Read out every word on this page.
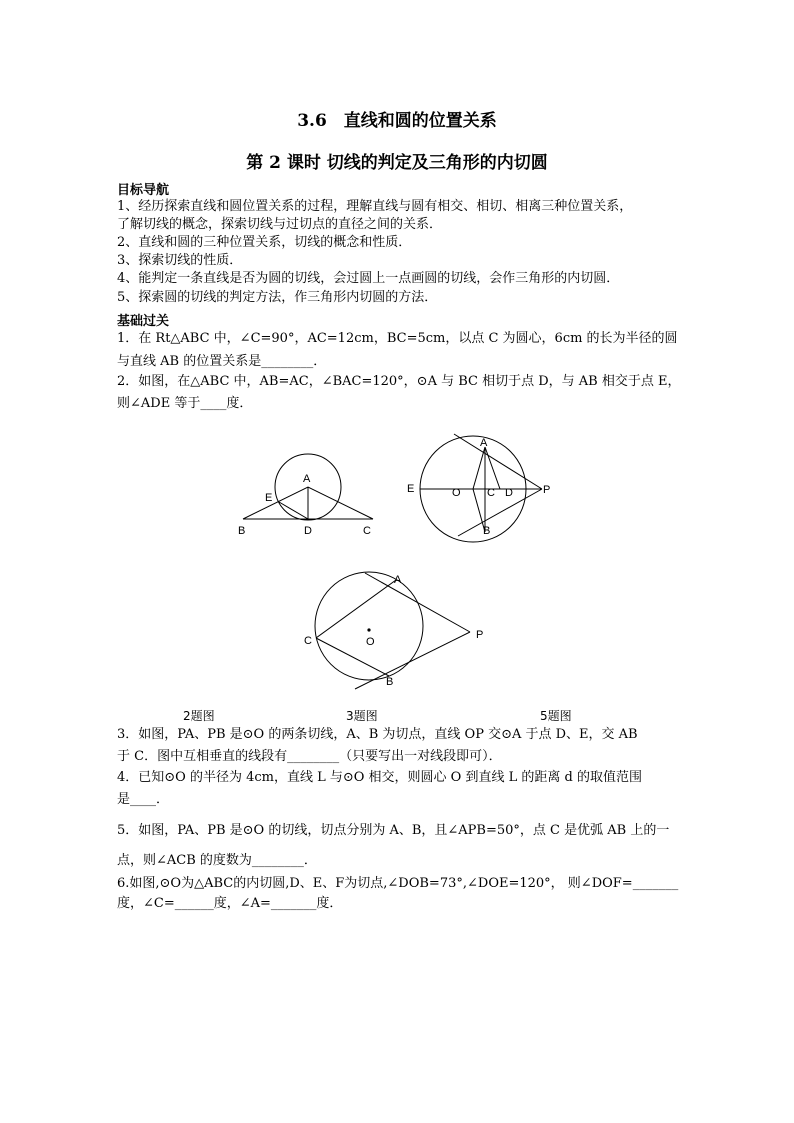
3.6　直线和圆的位置关系
第 2 课时 切线的判定及三角形的内切圆
目标导航
1、经历探索直线和圆位置关系的过程，理解直线与圆有相交、相切、相离三种位置关系，
了解切线的概念，探索切线与过切点的直径之间的关系．
2、直线和圆的三种位置关系，切线的概念和性质．
3、探索切线的性质．
4、能判定一条直线是否为圆的切线，会过圆上一点画圆的切线，会作三角形的内切圆．
5、探索圆的切线的判定方法，作三角形内切圆的方法．
基础过关
1．在 Rt△ABC 中，∠C=90°，AC=12cm，BC=5cm，以点 C 为圆心，6cm 的长为半径的圆
与直线 AB 的位置关系是________．
2．如图，在△ABC 中，AB=AC，∠BAC=120°，⊙A 与 BC 相切于点 D，与 AB 相交于点 E，
则∠ADE 等于____度．
A
E
B	D	C
A
E	O C D	P
B
A
C	O
P
B
2题图	3题图	5题图
3．如图，PA、PB 是⊙O 的两条切线，A、B 为切点，直线 OP 交⊙A 于点 D、E，交 AB
于 C．图中互相垂直的线段有________（只要写出一对线段即可）．
4．已知⊙O 的半径为 4cm，直线 L 与⊙O 相交，则圆心 O 到直线 L 的距离 d 的取值范围
是____．
5．如图，PA、PB 是⊙O 的切线，切点分别为 A、B，且∠APB=50°，点 C 是优弧 AB 上的一
点，则∠ACB 的度数为________．
6.如图,⊙O为△ABC的内切圆,D、E、F为切点,∠DOB=73°,∠DOE=120°， 则∠DOF=_______
度，∠C=______度，∠A=_______度．
